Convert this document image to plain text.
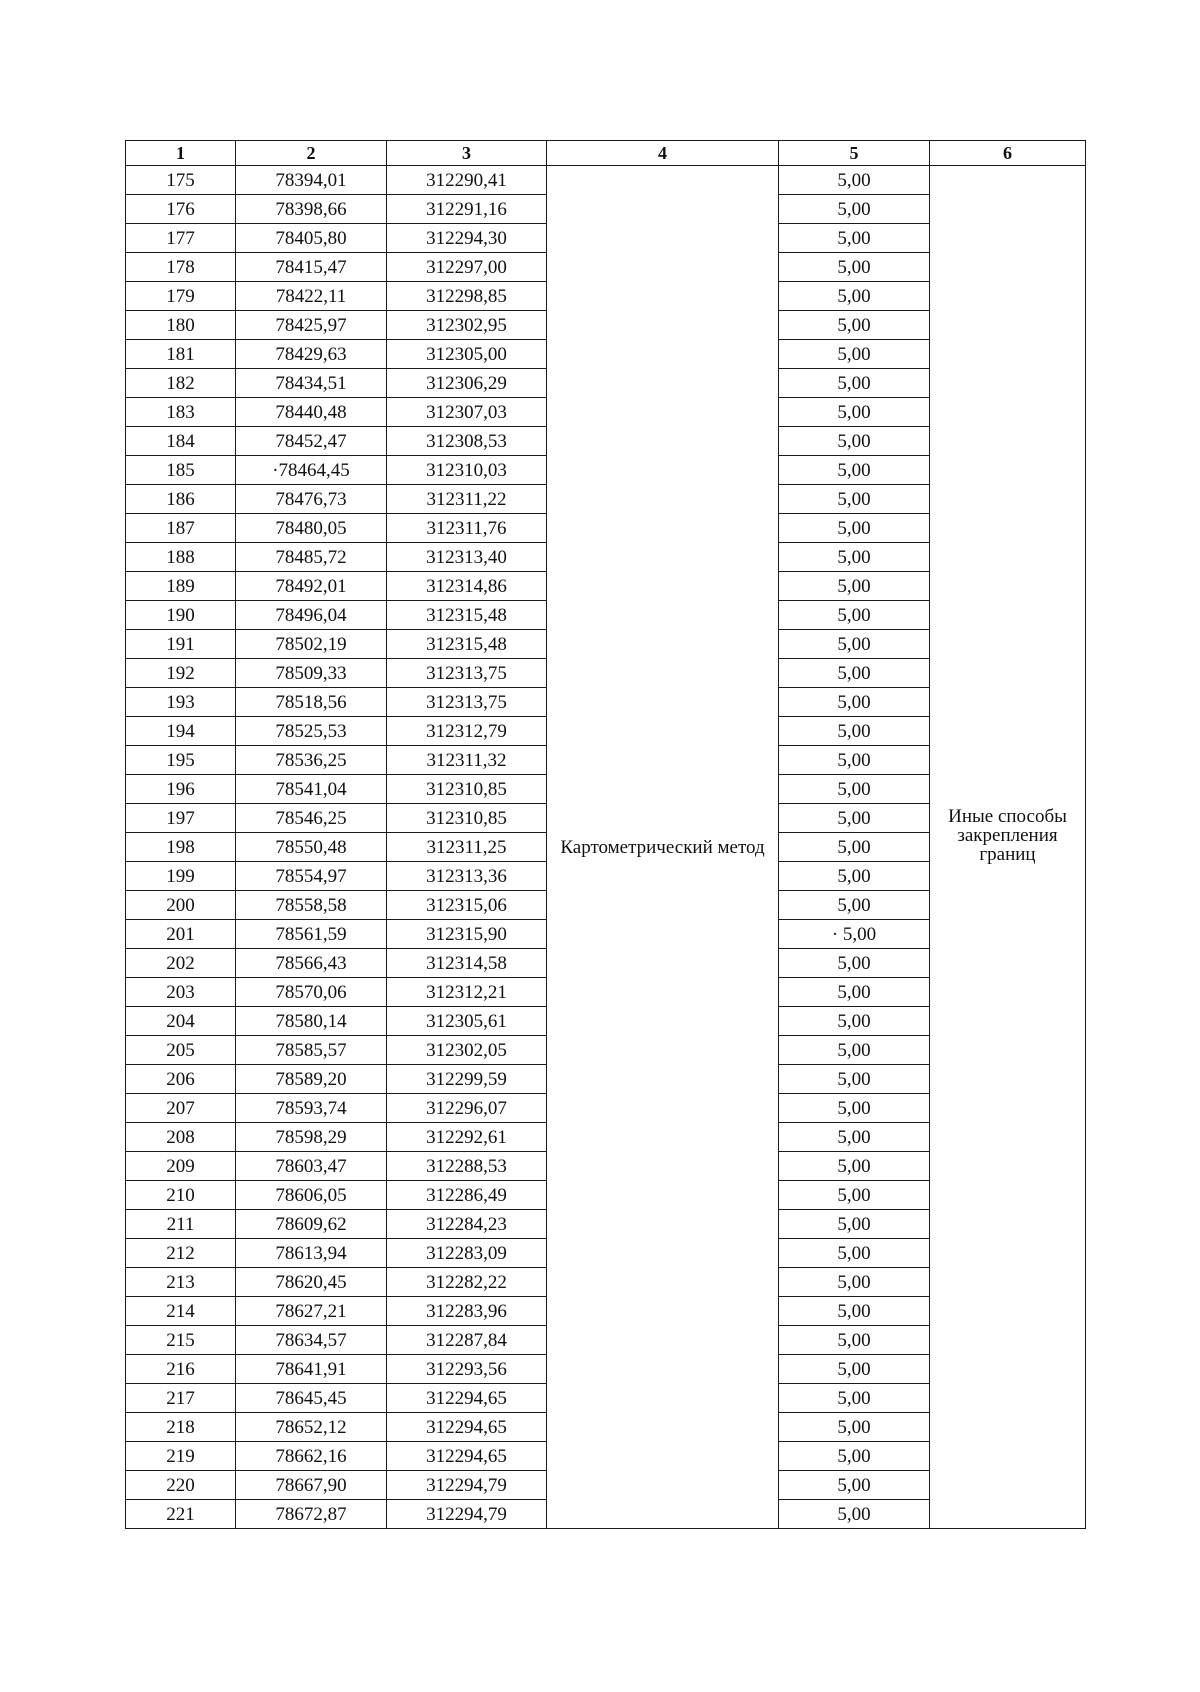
1	2	3	4	5	6
175	78394,01	312290,41	Картометрический метод	5,00	Иные способы закрепления границ

176	78398,66	312291,16		5,00	
177	78405,80	312294,30		5,00	
178	78415,47	312297,00		5,00	
179	78422,11	312298,85		5,00	
180	78425,97	312302,95		5,00	
181	78429,63	312305,00		5,00	
182	78434,51	312306,29		5,00	
183	78440,48	312307,03		5,00	
184	78452,47	312308,53		5,00	
185	·78464,45	312310,03		5,00	
186	78476,73	312311,22		5,00	
187	78480,05	312311,76		5,00	
188	78485,72	312313,40		5,00	
189	78492,01	312314,86		5,00	
190	78496,04	312315,48		5,00	
191	78502,19	312315,48		5,00	
192	78509,33	312313,75		5,00	
193	78518,56	312313,75		5,00	
194	78525,53	312312,79		5,00	
195	78536,25	312311,32		5,00	
196	78541,04	312310,85		5,00	
197	78546,25	312310,85		5,00	
198	78550,48	312311,25		5,00	
199	78554,97	312313,36		5,00	
200	78558,58	312315,06		5,00	
201	78561,59	312315,90		· 5,00	
202	78566,43	312314,58		5,00	
203	78570,06	312312,21		5,00	
204	78580,14	312305,61		5,00	
205	78585,57	312302,05		5,00	
206	78589,20	312299,59		5,00	
207	78593,74	312296,07		5,00	
208	78598,29	312292,61		5,00	
209	78603,47	312288,53		5,00	
210	78606,05	312286,49		5,00	
211	78609,62	312284,23		5,00	
212	78613,94	312283,09		5,00	
213	78620,45	312282,22		5,00	
214	78627,21	312283,96		5,00	
215	78634,57	312287,84		5,00	
216	78641,91	312293,56		5,00	
217	78645,45	312294,65		5,00	
218	78652,12	312294,65		5,00	
219	78662,16	312294,65		5,00	
220	78667,90	312294,79		5,00	
221	78672,87	312294,79		5,00	
